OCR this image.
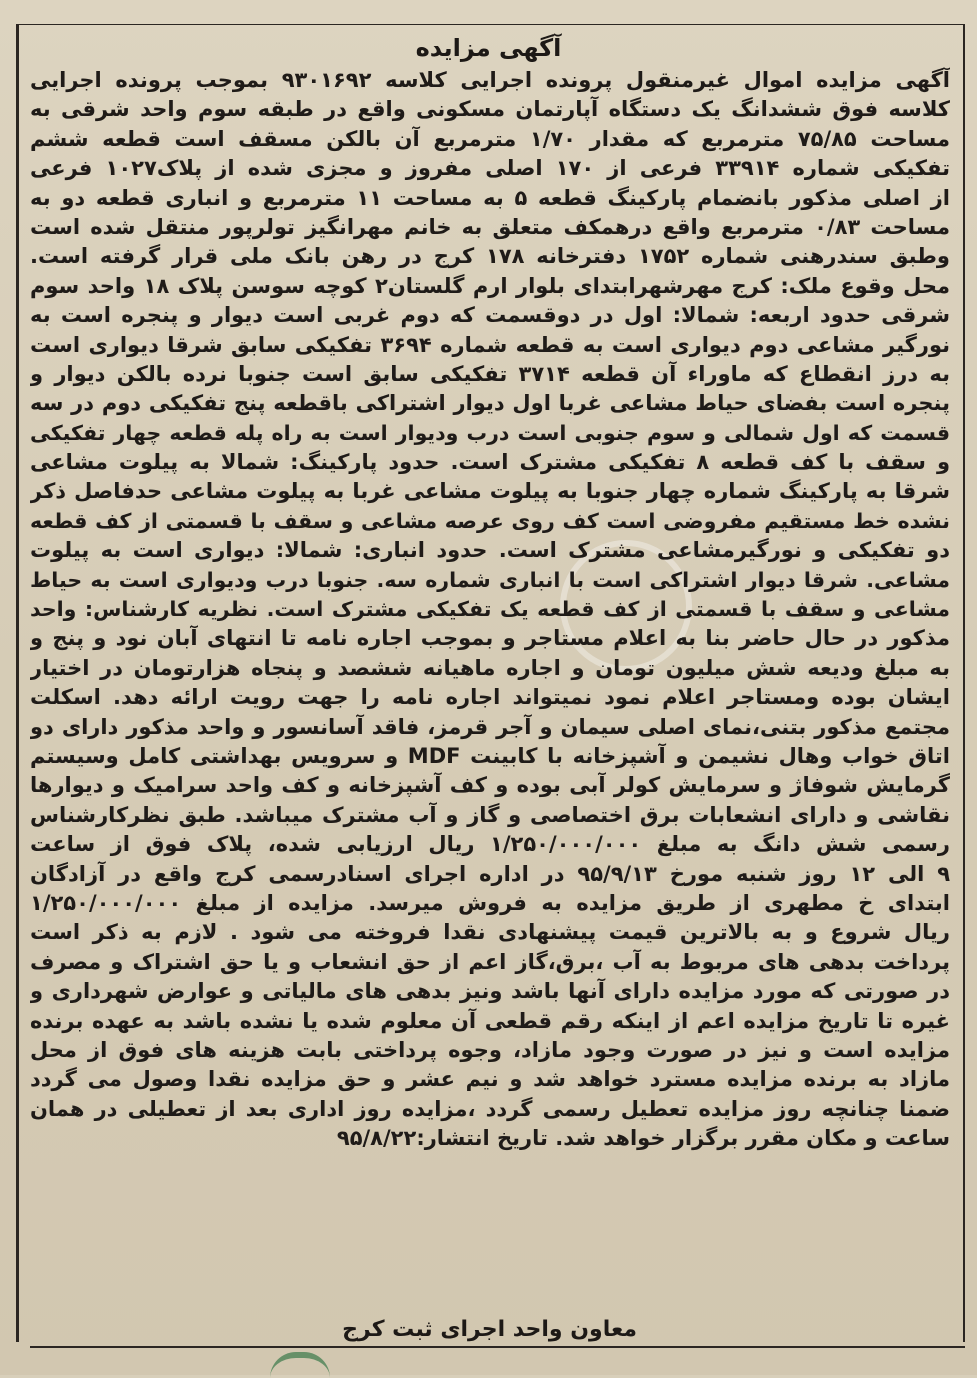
آگهی مزایده
آگهی مزایده اموال غیرمنقول پرونده اجرایی کلاسه ۹۳۰۱۶۹۲ بموجب پرونده اجرایی
کلاسه فوق ششدانگ یک دستگاه آپارتمان مسکونی واقع در طبقه سوم واحد شرقی به
مساحت ۷۵/۸۵ مترمربع که مقدار ۱/۷۰ مترمربع آن بالکن مسقف است قطعه ششم
تفکیکی شماره ۳۳۹۱۴ فرعی از ۱۷۰ اصلی مفروز و مجزی شده از پلاک۱۰۲۷ فرعی
از اصلی مذکور بانضمام پارکینگ قطعه ۵ به مساحت ۱۱ مترمربع و انباری قطعه دو به
مساحت ۰/۸۳ مترمربع واقع درهمکف متعلق به خانم مهرانگیز تولرپور منتقل شده است
وطبق سندرهنی شماره ۱۷۵۲ دفترخانه ۱۷۸ کرج در رهن بانک ملی قرار گرفته است.
محل وقوع ملک: کرج مهرشهرابتدای بلوار ارم گلستان۲ کوچه سوسن پلاک ۱۸ واحد سوم
شرقی حدود اربعه: شمالا: اول در دوقسمت که دوم غربی است دیوار و پنجره است به
نورگیر مشاعی دوم دیواری است به قطعه شماره ۳۶۹۴ تفکیکی سابق شرقا دیواری است
به درز انقطاع که ماوراء آن قطعه ۳۷۱۴ تفکیکی سابق است جنوبا نرده بالکن دیوار و
پنجره است بفضای حیاط مشاعی غربا اول دیوار اشتراکی باقطعه پنج تفکیکی دوم در سه
قسمت که اول شمالی و سوم جنوبی است درب ودیوار است به راه پله قطعه چهار تفکیکی
و سقف با کف قطعه ۸ تفکیکی مشترک است. حدود پارکینگ: شمالا به پیلوت مشاعی
شرقا به پارکینگ شماره چهار جنوبا به پیلوت مشاعی غربا به پیلوت مشاعی حدفاصل ذکر
نشده خط مستقیم مفروضی است کف روی عرصه مشاعی و سقف با قسمتی از کف قطعه
دو تفکیکی و نورگیرمشاعی مشترک است. حدود انباری: شمالا: دیواری است به پیلوت
مشاعی. شرقا دیوار اشتراکی است با انباری شماره سه. جنوبا درب ودیواری است به حیاط
مشاعی و سقف با قسمتی از کف قطعه یک تفکیکی مشترک است. نظریه کارشناس: واحد
مذکور در حال حاضر بنا به اعلام مستاجر و بموجب اجاره نامه تا انتهای آبان نود و پنج و
به مبلغ ودیعه شش میلیون تومان و اجاره ماهیانه ششصد و پنجاه هزارتومان در اختیار
ایشان بوده ومستاجر اعلام نمود نمیتواند اجاره نامه را جهت رویت ارائه دهد. اسکلت
مجتمع مذکور بتنی،نمای اصلی سیمان و آجر قرمز، فاقد آسانسور و واحد مذکور دارای دو
اتاق خواب وهال نشیمن و آشپزخانه با کابینت MDF و سرویس بهداشتی کامل وسیستم
گرمایش شوفاژ و سرمایش کولر آبی بوده و کف آشپزخانه و کف واحد سرامیک و دیوارها
نقاشی و دارای انشعابات برق اختصاصی و گاز و آب مشترک میباشد. طبق نظرکارشناس
رسمی شش دانگ به مبلغ ۱/۲۵۰/۰۰۰/۰۰۰ ریال ارزیابی شده، پلاک فوق از ساعت
۹ الی ۱۲ روز شنبه مورخ ۹۵/۹/۱۳ در اداره اجرای اسنادرسمی کرج واقع در آزادگان
ابتدای خ مطهری از طریق مزایده به فروش میرسد. مزایده از مبلغ ۱/۲۵۰/۰۰۰/۰۰۰
ریال شروع و به بالاترین قیمت پیشنهادی نقدا فروخته می شود . لازم به ذکر است
پرداخت بدهی های مربوط به آب ،برق،گاز اعم از حق انشعاب و یا حق اشتراک و مصرف
در صورتی که مورد مزایده دارای آنها باشد ونیز بدهی های مالیاتی و عوارض شهرداری و
غیره تا تاریخ مزایده اعم از اینکه رقم قطعی آن معلوم شده یا نشده باشد به عهده برنده
مزایده است و نیز در صورت وجود مازاد، وجوه پرداختی بابت هزینه های فوق از محل
مازاد به برنده مزایده مسترد خواهد شد و نیم عشر و حق مزایده نقدا وصول می گردد
ضمنا چنانچه روز مزایده تعطیل رسمی گردد ،مزایده روز اداری بعد از تعطیلی در همان
ساعت و مکان مقرر برگزار خواهد شد. تاریخ انتشار:۹۵/۸/۲۲
معاون واحد اجرای ثبت کرج
